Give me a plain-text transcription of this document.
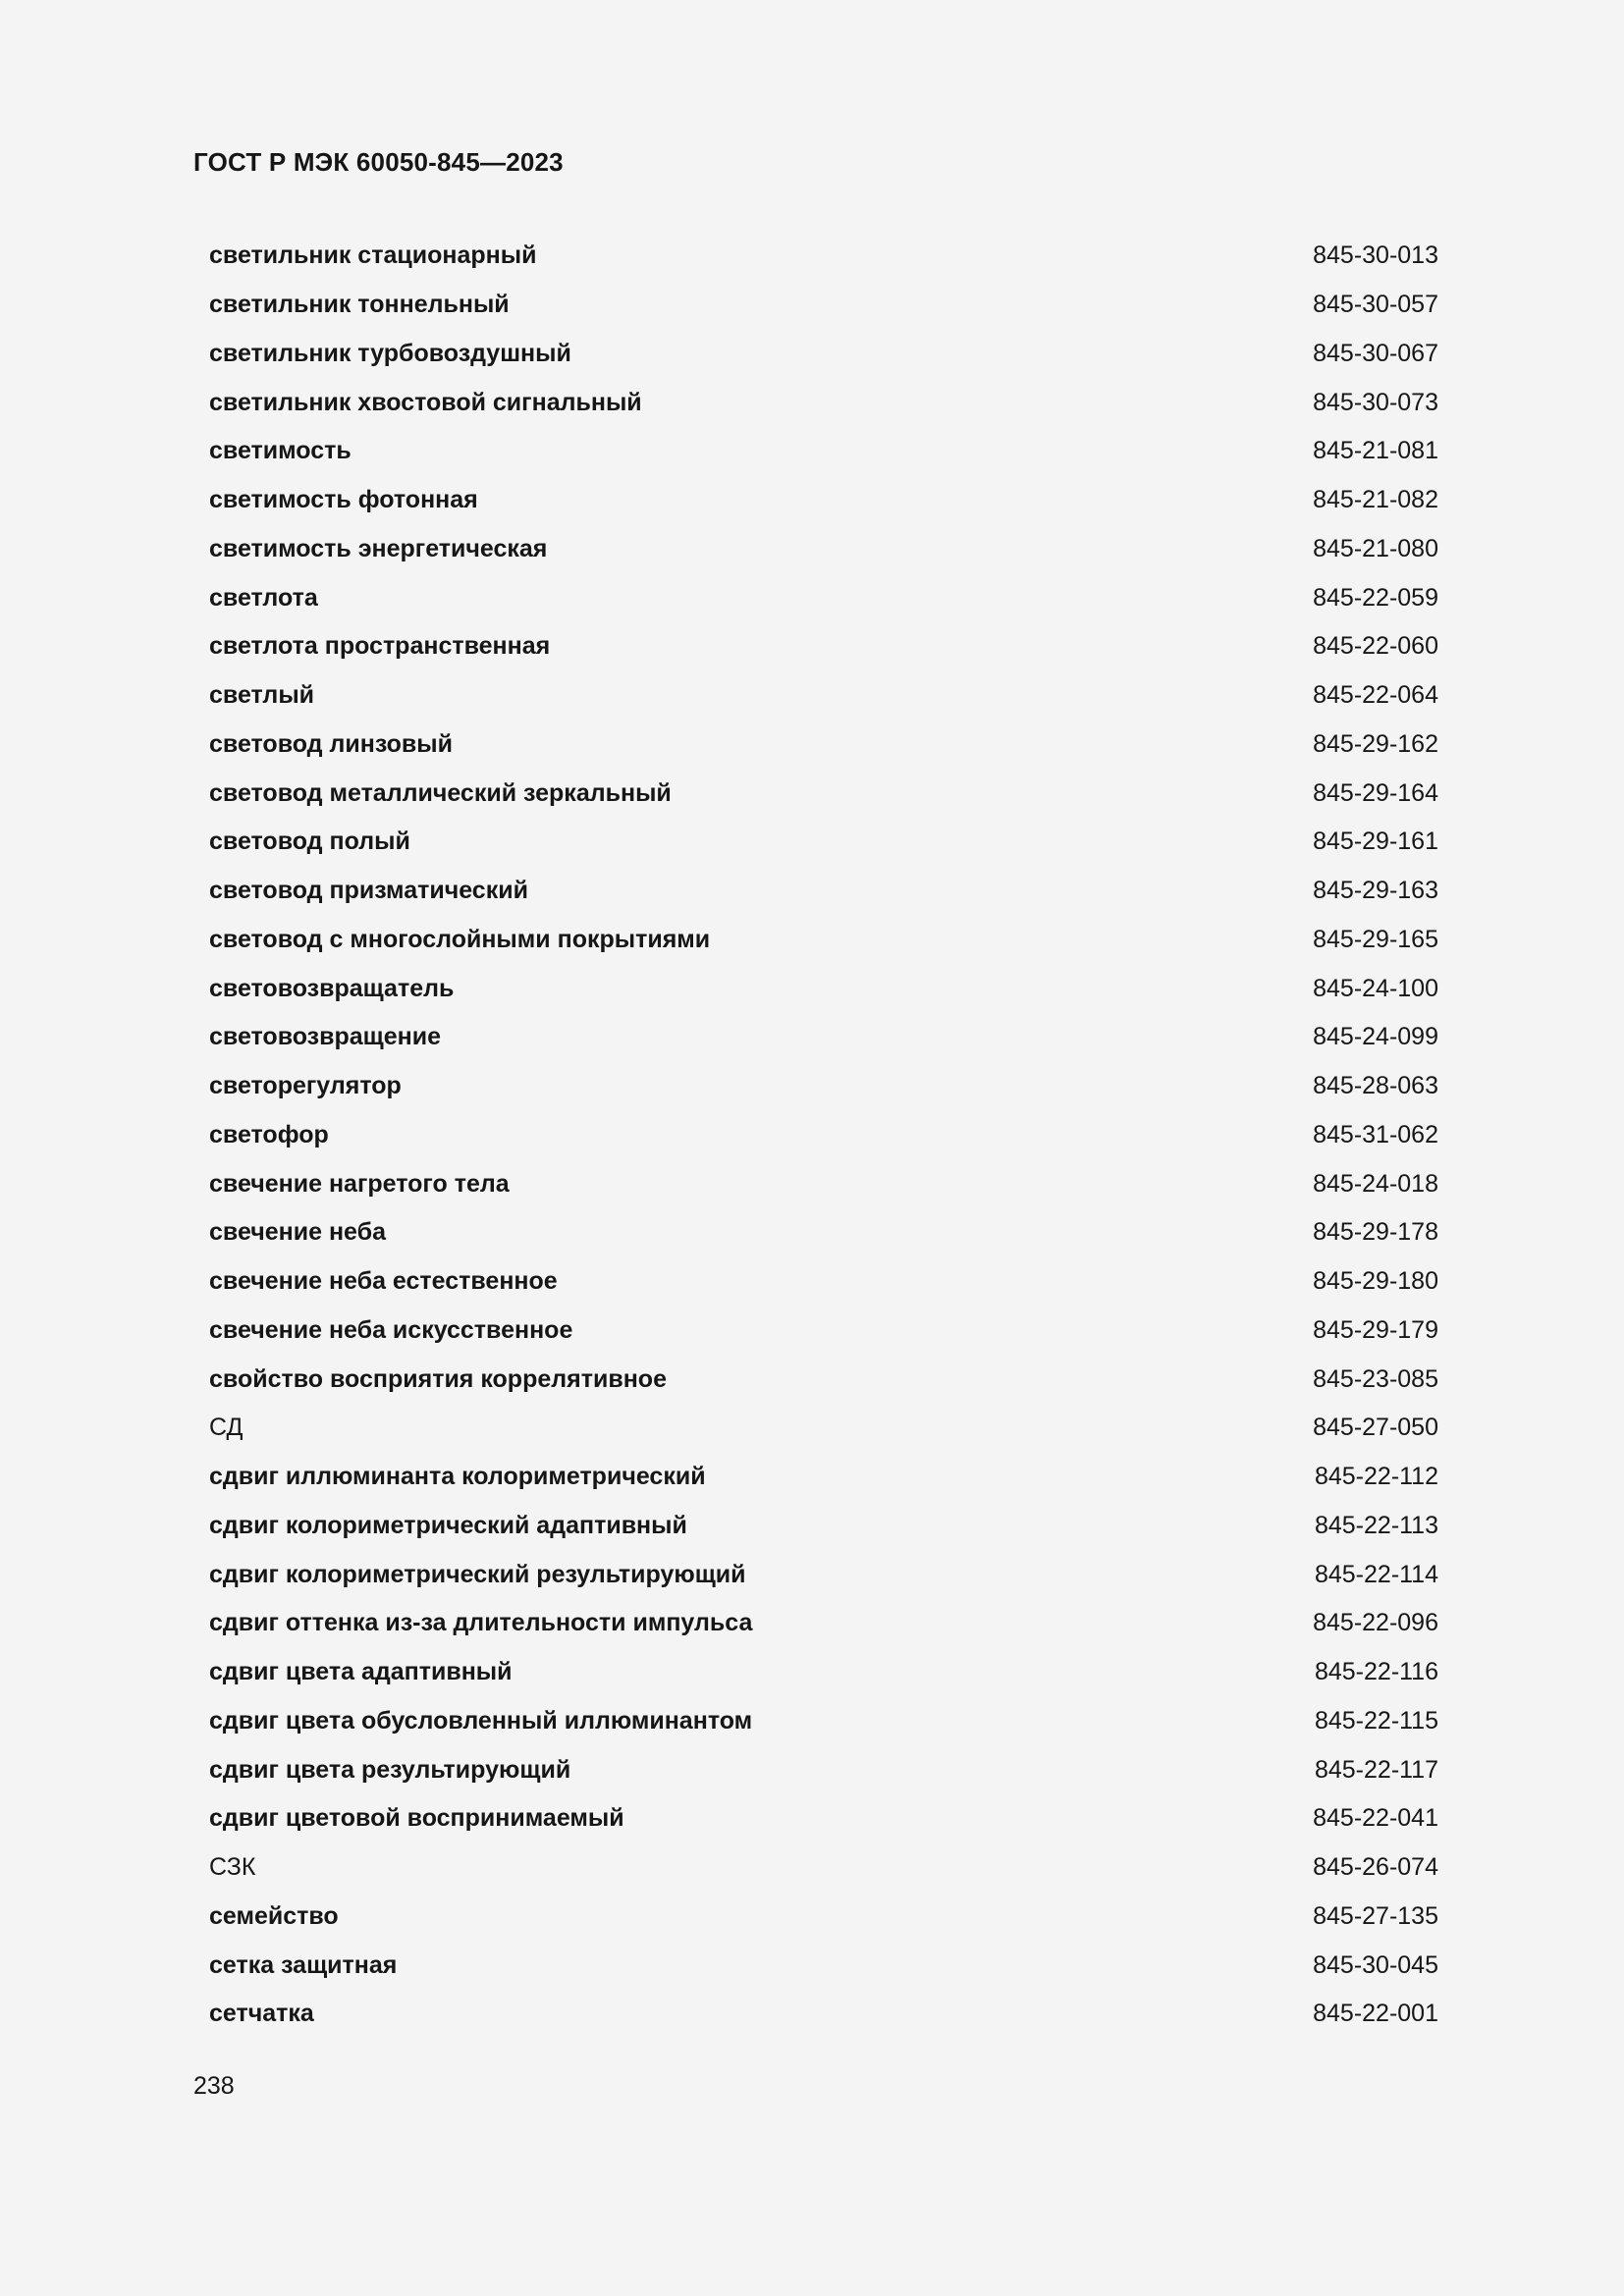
ГОСТ Р МЭК 60050-845—2023
светильник стационарный	845-30-013
светильник тоннельный	845-30-057
светильник турбовоздушный	845-30-067
светильник хвостовой сигнальный	845-30-073
светимость	845-21-081
светимость фотонная	845-21-082
светимость энергетическая	845-21-080
светлота	845-22-059
светлота пространственная	845-22-060
светлый	845-22-064
световод линзовый	845-29-162
световод металлический зеркальный	845-29-164
световод полый	845-29-161
световод призматический	845-29-163
световод с многослойными покрытиями	845-29-165
световозвращатель	845-24-100
световозвращение	845-24-099
светорегулятор	845-28-063
светофор	845-31-062
свечение нагретого тела	845-24-018
свечение неба	845-29-178
свечение неба естественное	845-29-180
свечение неба искусственное	845-29-179
свойство восприятия коррелятивное	845-23-085
СД	845-27-050
сдвиг иллюминанта колориметрический	845-22-112
сдвиг колориметрический адаптивный	845-22-113
сдвиг колориметрический результирующий	845-22-114
сдвиг оттенка из-за длительности импульса	845-22-096
сдвиг цвета адаптивный	845-22-116
сдвиг цвета обусловленный иллюминантом	845-22-115
сдвиг цвета результирующий	845-22-117
сдвиг цветовой воспринимаемый	845-22-041
СЗК	845-26-074
семейство	845-27-135
сетка защитная	845-30-045
сетчатка	845-22-001
238
